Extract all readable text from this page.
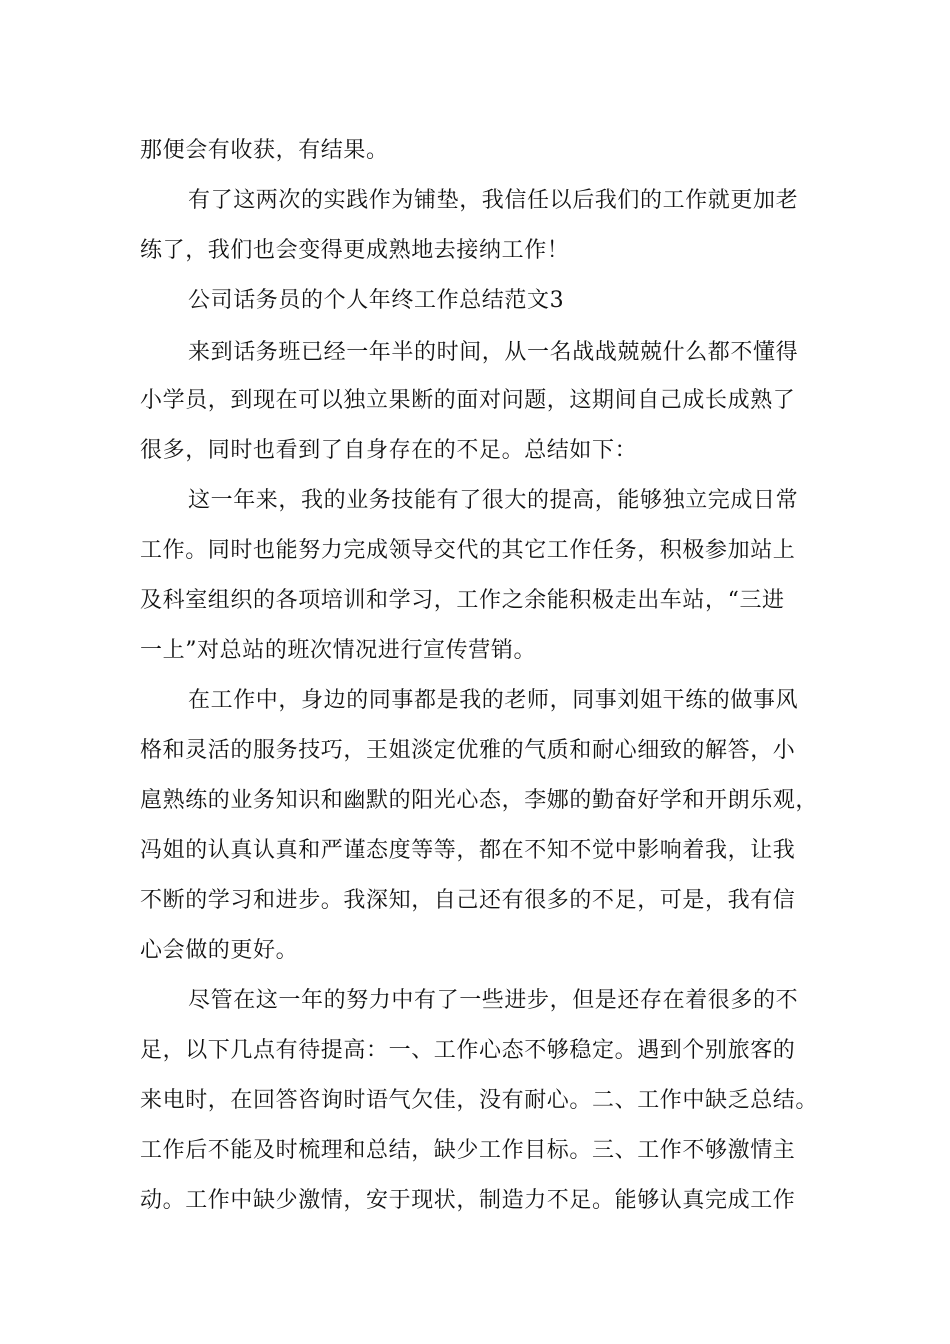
那便会有收获，有结果。
有了这两次的实践作为铺垫，我信任以后我们的工作就更加老
练了，我们也会变得更成熟地去接纳工作！
公司话务员的个人年终工作总结范文3
来到话务班已经一年半的时间，从一名战战兢兢什么都不懂得
小学员，到现在可以独立果断的面对问题，这期间自己成长成熟了
很多，同时也看到了自身存在的不足。总结如下：
这一年来，我的业务技能有了很大的提高，能够独立完成日常
工作。同时也能努力完成领导交代的其它工作任务，积极参加站上
及科室组织的各项培训和学习，工作之余能积极走出车站，“三进
一上”对总站的班次情况进行宣传营销。
在工作中，身边的同事都是我的老师，同事刘姐干练的做事风
格和灵活的服务技巧，王姐淡定优雅的气质和耐心细致的解答，小
扈熟练的业务知识和幽默的阳光心态，李娜的勤奋好学和开朗乐观，
冯姐的认真认真和严谨态度等等，都在不知不觉中影响着我，让我
不断的学习和进步。我深知，自己还有很多的不足，可是，我有信
心会做的更好。
尽管在这一年的努力中有了一些进步，但是还存在着很多的不
足，以下几点有待提高：一、工作心态不够稳定。遇到个别旅客的
来电时，在回答咨询时语气欠佳，没有耐心。二、工作中缺乏总结。
工作后不能及时梳理和总结，缺少工作目标。三、工作不够激情主
动。工作中缺少激情，安于现状，制造力不足。能够认真完成工作
